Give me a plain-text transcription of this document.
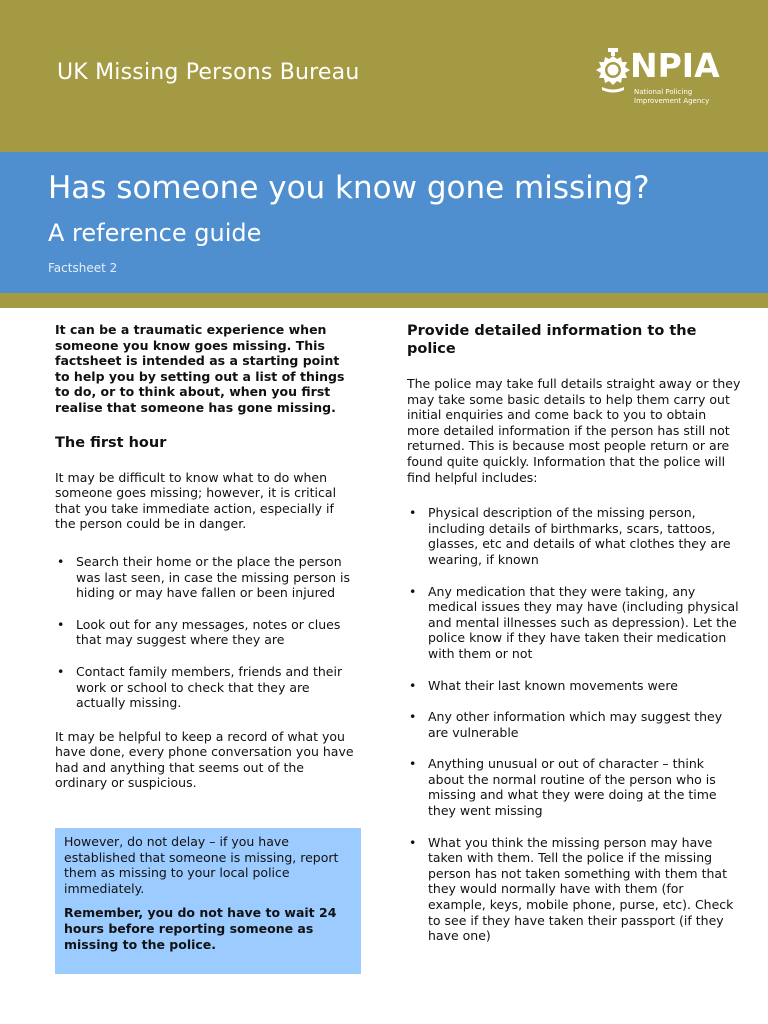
UK Missing Persons Bureau	NPIA
National Policing
Improvement Agency
Has someone you know gone missing?
A reference guide
Factsheet 2

It can be a traumatic experience when someone you know goes missing. This factsheet is intended as a starting point to help you by setting out a list of things to do, or to think about, when you first realise that someone has gone missing.

The first hour

It may be difficult to know what to do when someone goes missing; however, it is critical that you take immediate action, especially if the person could be in danger.

• Search their home or the place the person was last seen, in case the missing person is hiding or may have fallen or been injured
• Look out for any messages, notes or clues that may suggest where they are
• Contact family members, friends and their work or school to check that they are actually missing.

It may be helpful to keep a record of what you have done, every phone conversation you have had and anything that seems out of the ordinary or suspicious.

However, do not delay – if you have established that someone is missing, report them as missing to your local police immediately.

Remember, you do not have to wait 24 hours before reporting someone as missing to the police.

Provide detailed information to the police

The police may take full details straight away or they may take some basic details to help them carry out initial enquiries and come back to you to obtain more detailed information if the person has still not returned. This is because most people return or are found quite quickly. Information that the police will find helpful includes:

• Physical description of the missing person, including details of birthmarks, scars, tattoos, glasses, etc and details of what clothes they are wearing, if known
• Any medication that they were taking, any medical issues they may have (including physical and mental illnesses such as depression). Let the police know if they have taken their medication with them or not
• What their last known movements were
• Any other information which may suggest they are vulnerable
• Anything unusual or out of character – think about the normal routine of the person who is missing and what they were doing at the time they went missing
• What you think the missing person may have taken with them. Tell the police if the missing person has not taken something with them that they would normally have with them (for example, keys, mobile phone, purse, etc). Check to see if they have taken their passport (if they have one)
